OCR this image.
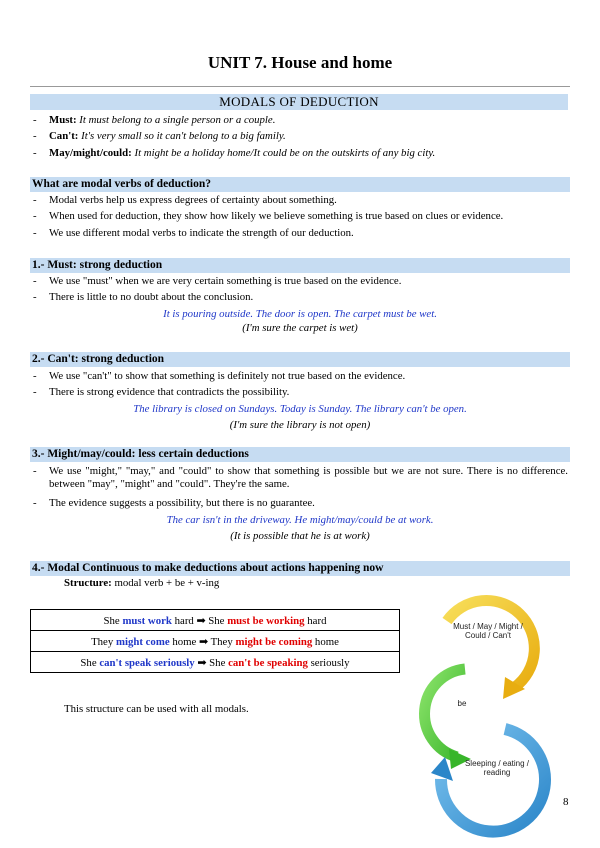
UNIT 7. House and home
MODALS OF DEDUCTION
- Must: It must belong to a single person or a couple.
- Can't: It's very small so it can't belong to a big family.
- May/might/could: It might be a holiday home/It could be on the outskirts of any big city.
What are modal verbs of deduction?
- Modal verbs help us express degrees of certainty about something.
- When used for deduction, they show how likely we believe something is true based on clues or evidence.
- We use different modal verbs to indicate the strength of our deduction.
1.- Must: strong deduction
- We use "must" when we are very certain something is true based on the evidence.
- There is little to no doubt about the conclusion.
It is pouring outside. The door is open. The carpet must be wet.
(I'm sure the carpet is wet)
2.- Can't: strong deduction
- We use "can't" to show that something is definitely not true based on the evidence.
- There is strong evidence that contradicts the possibility.
The library is closed on Sundays. Today is Sunday. The library can't be open.
(I'm sure the library is not open)
3.- Might/may/could: less certain deductions
- We use "might," "may," and "could" to show that something is possible but we are not sure. There is no difference. between "may", "might" and "could". They're the same.
- The evidence suggests a possibility, but there is no guarantee.
The car isn't in the driveway. He might/may/could be at work.
(It is possible that he is at work)
4.- Modal Continuous to make deductions about actions happening now
Structure: modal verb + be + v-ing
She must work hard ➡ She must be working hard
They might come home ➡ They might be coming home
She can't speak seriously ➡ She can't be speaking seriously
This structure can be used with all modals.
Must / May / Might / Could / Can't
be
Sleeping / eating / reading
8
